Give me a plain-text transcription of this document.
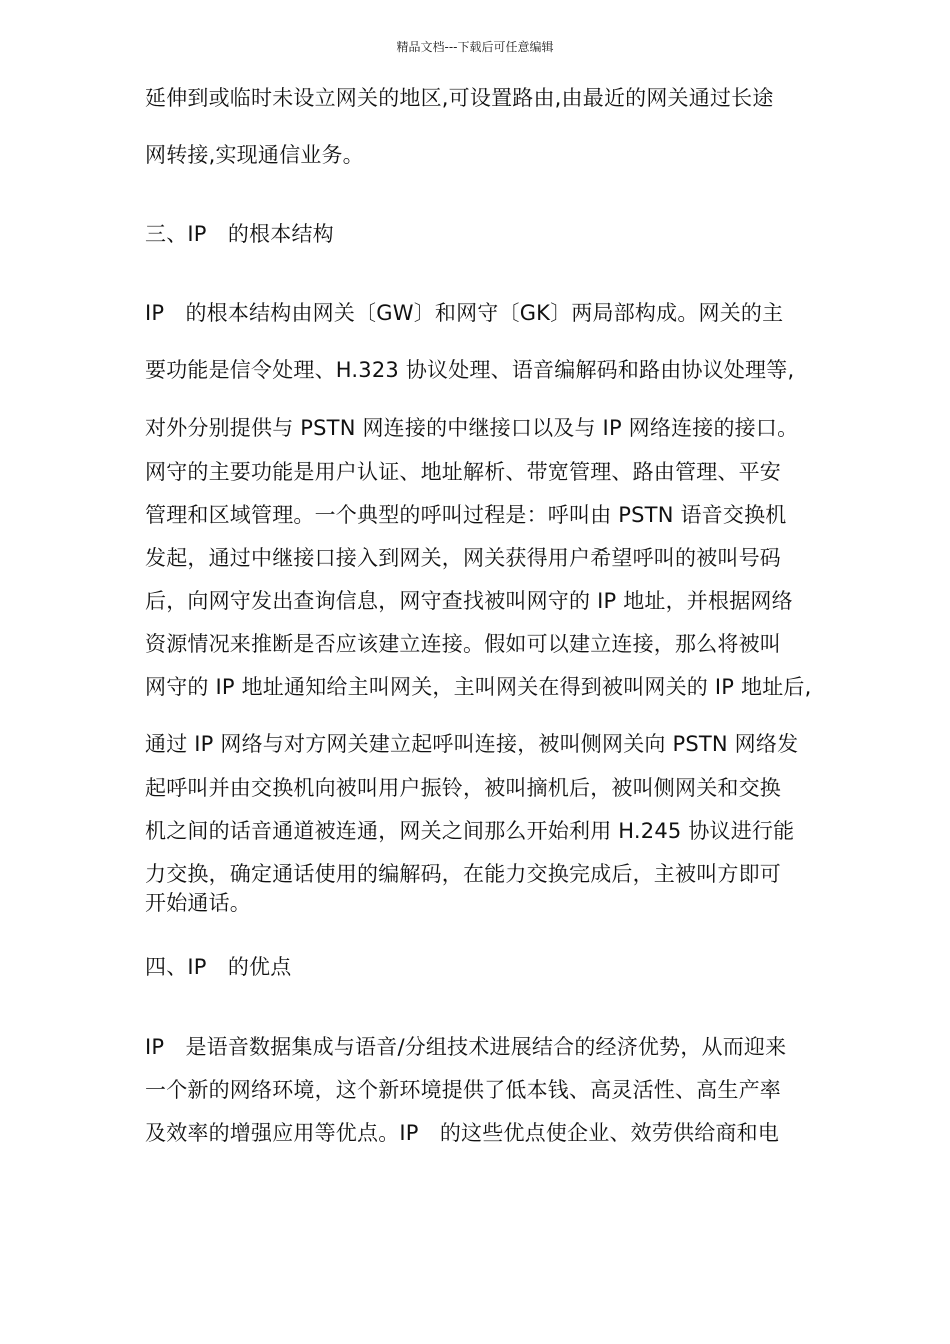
精品文档---下载后可任意编辑
延伸到或临时未设立网关的地区,可设置路由,由最近的网关通过长途
网转接,实现通信业务。
三、IP　的根本结构
IP　的根本结构由网关〔GW〕和网守〔GK〕两局部构成。网关的主
要功能是信令处理、H.323 协议处理、语音编解码和路由协议处理等,
对外分别提供与 PSTN 网连接的中继接口以及与 IP 网络连接的接口。
网守的主要功能是用户认证、地址解析、带宽管理、路由管理、平安
管理和区域管理。一个典型的呼叫过程是：呼叫由 PSTN 语音交换机
发起，通过中继接口接入到网关，网关获得用户希望呼叫的被叫号码
后，向网守发出查询信息，网守查找被叫网守的 IP 地址，并根据网络
资源情况来推断是否应该建立连接。假如可以建立连接，那么将被叫
网守的 IP 地址通知给主叫网关，主叫网关在得到被叫网关的 IP 地址后,
通过 IP 网络与对方网关建立起呼叫连接，被叫侧网关向 PSTN 网络发
起呼叫并由交换机向被叫用户振铃，被叫摘机后，被叫侧网关和交换
机之间的话音通道被连通，网关之间那么开始利用 H.245 协议进行能
力交换，确定通话使用的编解码，在能力交换完成后，主被叫方即可
开始通话。
四、IP　的优点
IP　是语音数据集成与语音/分组技术进展结合的经济优势，从而迎来
一个新的网络环境，这个新环境提供了低本钱、高灵活性、高生产率
及效率的增强应用等优点。IP　的这些优点使企业、效劳供给商和电
